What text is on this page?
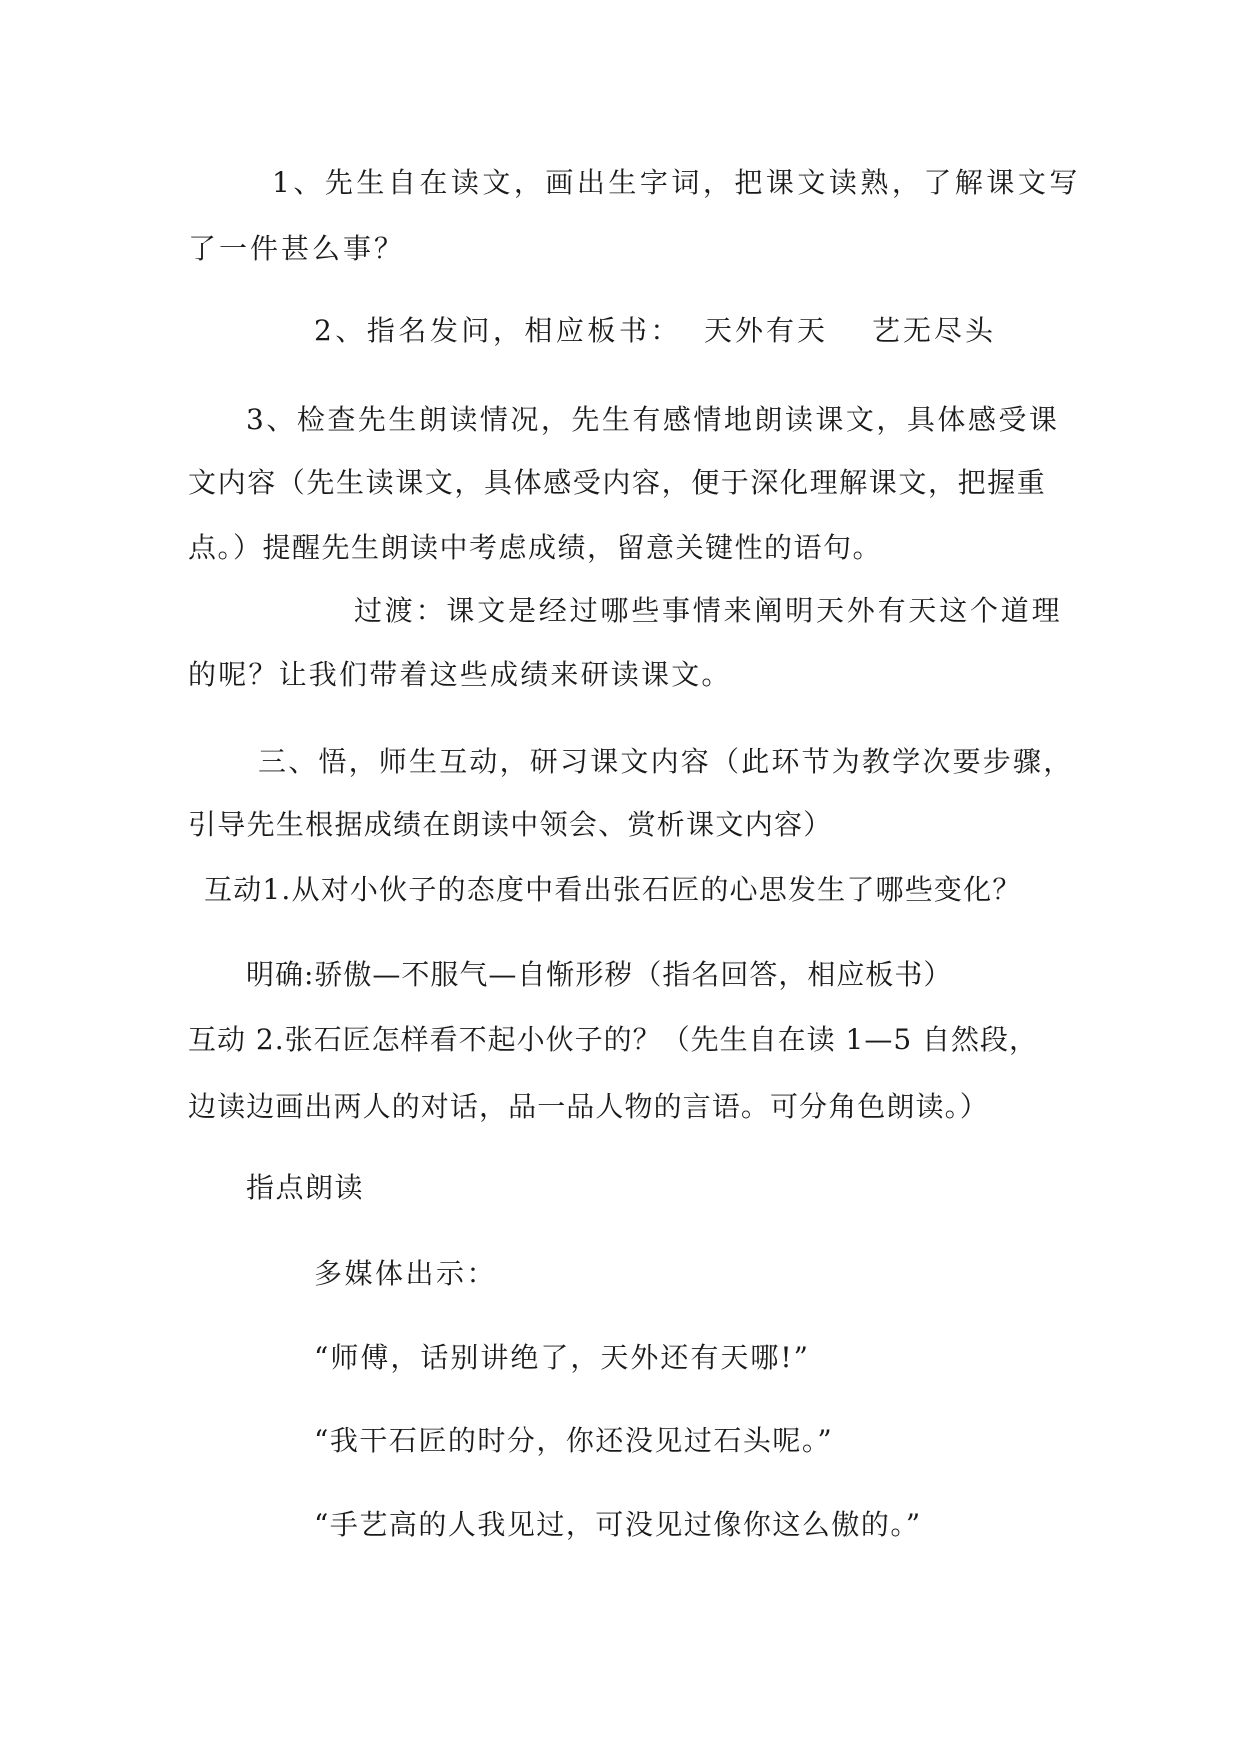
1、先生自在读文，画出生字词，把课文读熟，了解课文写

了一件甚么事？

2、指名发问，相应板书： 天外有天 艺无尽头

3、检查先生朗读情况，先生有感情地朗读课文，具体感受课

文内容（先生读课文，具体感受内容，便于深化理解课文，把握重

点。）提醒先生朗读中考虑成绩，留意关键性的语句。

过渡：课文是经过哪些事情来阐明天外有天这个道理

的呢？让我们带着这些成绩来研读课文。

三、悟，师生互动，研习课文内容（此环节为教学次要步骤，

引导先生根据成绩在朗读中领会、赏析课文内容）

互动1.从对小伙子的态度中看出张石匠的心思发生了哪些变化？

明确:骄傲—不服气—自惭形秽（指名回答，相应板书）

互动 2.张石匠怎样看不起小伙子的？（先生自在读 1—5 自然段，

边读边画出两人的对话，品一品人物的言语。可分角色朗读。）

指点朗读

多媒体出示：

“师傅，话别讲绝了，天外还有天哪!”

“我干石匠的时分，你还没见过石头呢。”

“手艺高的人我见过，可没见过像你这么傲的。”
